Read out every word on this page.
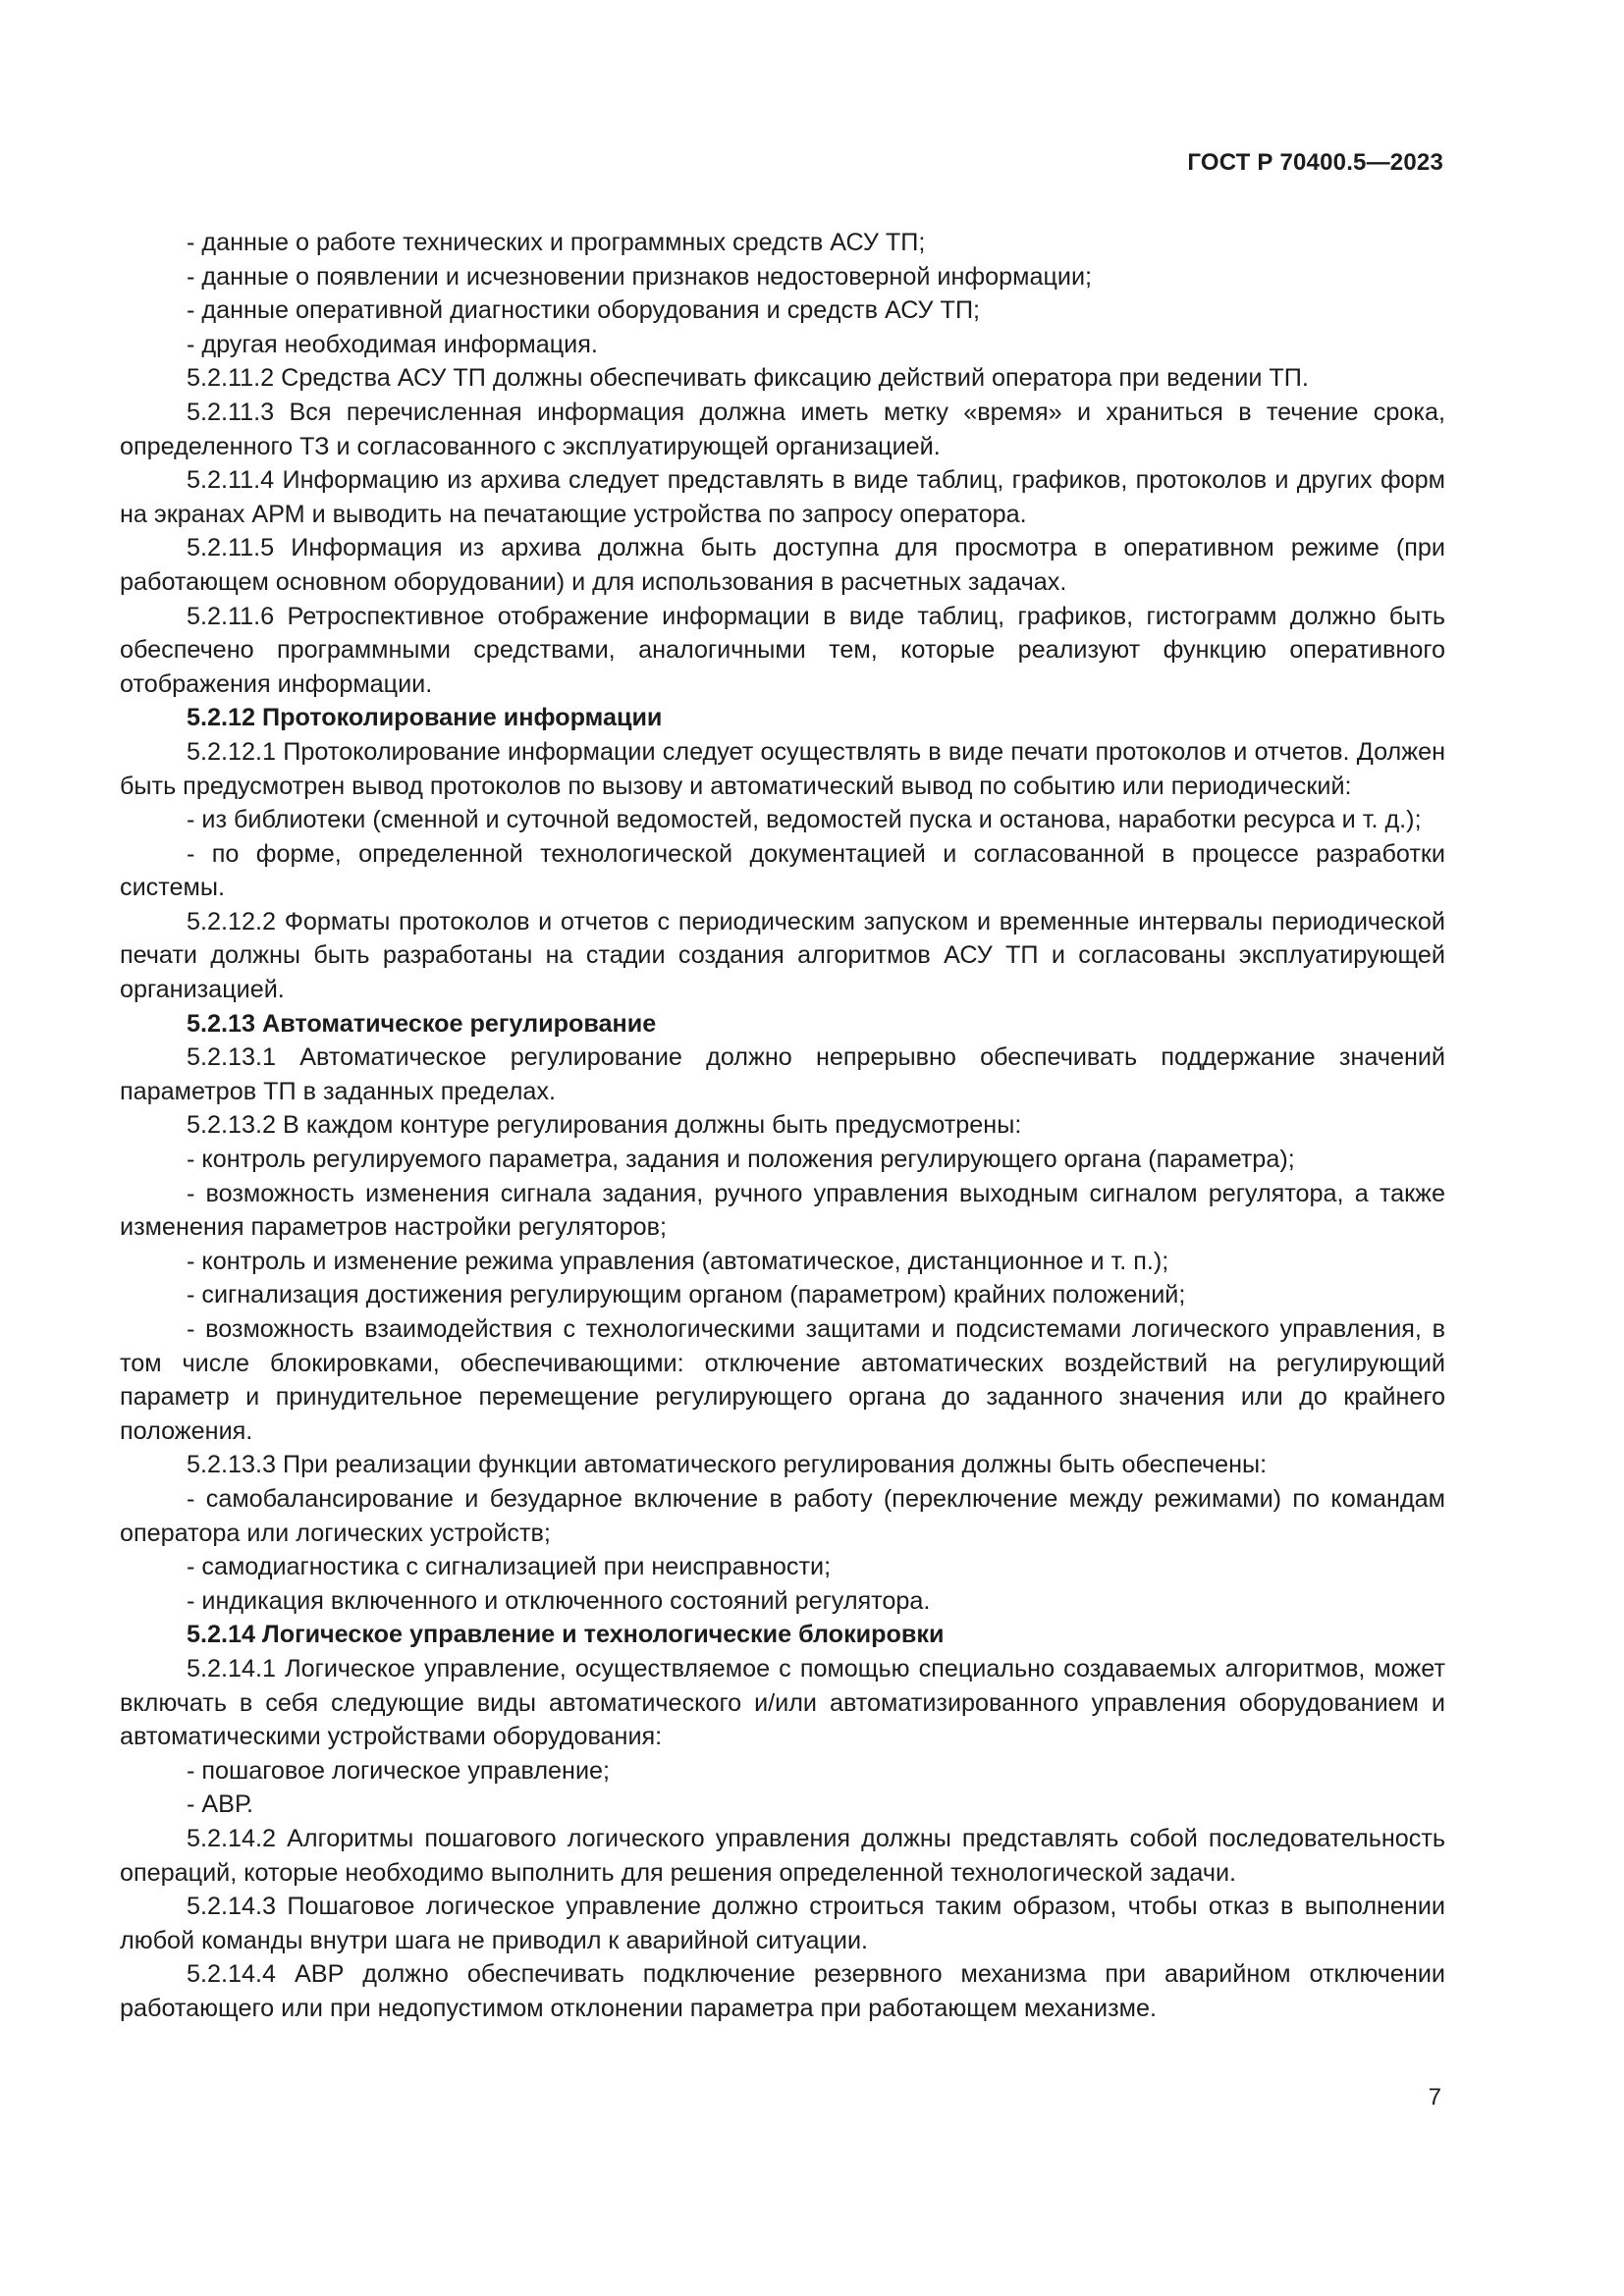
ГОСТ Р 70400.5—2023

- данные о работе технических и программных средств АСУ ТП;

- данные о появлении и исчезновении признаков недостоверной информации;

- данные оперативной диагностики оборудования и средств АСУ ТП;

- другая необходимая информация.

5.2.11.2 Средства АСУ ТП должны обеспечивать фиксацию действий оператора при ведении ТП.

5.2.11.3 Вся перечисленная информация должна иметь метку «время» и храниться в течение срока, определенного ТЗ и согласованного с эксплуатирующей организацией.

5.2.11.4 Информацию из архива следует представлять в виде таблиц, графиков, протоколов и других форм на экранах АРМ и выводить на печатающие устройства по запросу оператора.

5.2.11.5 Информация из архива должна быть доступна для просмотра в оперативном режиме (при работающем основном оборудовании) и для использования в расчетных задачах.

5.2.11.6 Ретроспективное отображение информации в виде таблиц, графиков, гистограмм должно быть обеспечено программными средствами, аналогичными тем, которые реализуют функцию оперативного отображения информации.

5.2.12 Протоколирование информации

5.2.12.1 Протоколирование информации следует осуществлять в виде печати протоколов и отчетов. Должен быть предусмотрен вывод протоколов по вызову и автоматический вывод по событию или периодический:

- из библиотеки (сменной и суточной ведомостей, ведомостей пуска и останова, наработки ресурса и т. д.);

- по форме, определенной технологической документацией и согласованной в процессе разработки системы.

5.2.12.2 Форматы протоколов и отчетов с периодическим запуском и временные интервалы периодической печати должны быть разработаны на стадии создания алгоритмов АСУ ТП и согласованы эксплуатирующей организацией.

5.2.13 Автоматическое регулирование

5.2.13.1 Автоматическое регулирование должно непрерывно обеспечивать поддержание значений параметров ТП в заданных пределах.

5.2.13.2 В каждом контуре регулирования должны быть предусмотрены:

- контроль регулируемого параметра, задания и положения регулирующего органа (параметра);

- возможность изменения сигнала задания, ручного управления выходным сигналом регулятора, а также изменения параметров настройки регуляторов;

- контроль и изменение режима управления (автоматическое, дистанционное и т. п.);

- сигнализация достижения регулирующим органом (параметром) крайних положений;

- возможность взаимодействия с технологическими защитами и подсистемами логического управления, в том числе блокировками, обеспечивающими: отключение автоматических воздействий на регулирующий параметр и принудительное перемещение регулирующего органа до заданного значения или до крайнего положения.

5.2.13.3 При реализации функции автоматического регулирования должны быть обеспечены:

- самобалансирование и безударное включение в работу (переключение между режимами) по командам оператора или логических устройств;

- самодиагностика с сигнализацией при неисправности;

- индикация включенного и отключенного состояний регулятора.

5.2.14 Логическое управление и технологические блокировки

5.2.14.1 Логическое управление, осуществляемое с помощью специально создаваемых алгоритмов, может включать в себя следующие виды автоматического и/или автоматизированного управления оборудованием и автоматическими устройствами оборудования:

- пошаговое логическое управление;

- АВР.

5.2.14.2 Алгоритмы пошагового логического управления должны представлять собой последовательность операций, которые необходимо выполнить для решения определенной технологической задачи.

5.2.14.3 Пошаговое логическое управление должно строиться таким образом, чтобы отказ в выполнении любой команды внутри шага не приводил к аварийной ситуации.

5.2.14.4 АВР должно обеспечивать подключение резервного механизма при аварийном отключении работающего или при недопустимом отклонении параметра при работающем механизме.

7
